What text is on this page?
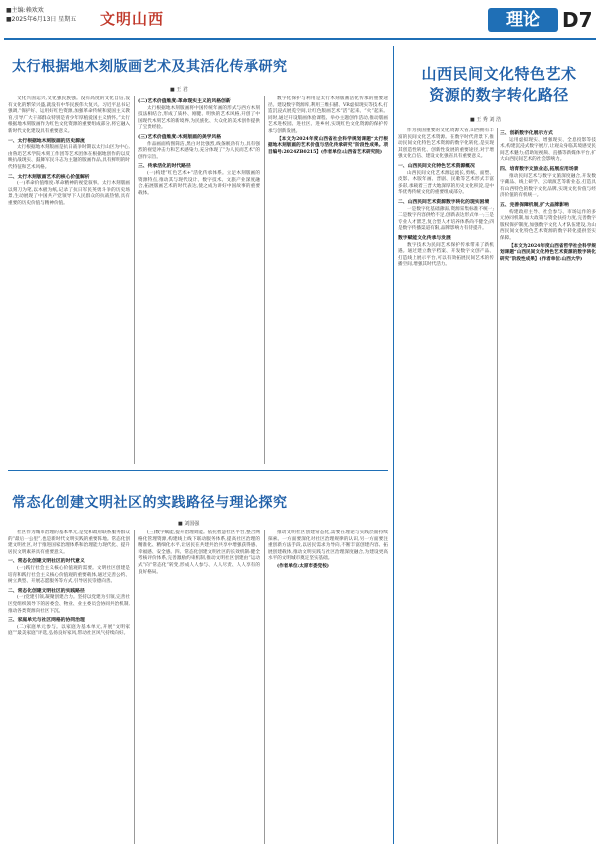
■主编:赖欢欢
■2025年6月13日 星期五 文明山西	理论	D7
太行根据地木刻版画艺术及其活化传承研究
■ 王 君

文化兴国运兴,文化强民族强。没有高度的文化自信,没有文化的繁荣兴盛,就没有中华民族伟大复兴。习近平总书记强调,“保护好、运用好红色资源,加强革命传统和爱国主义教育,引导广大干部群众特别是青少年厚植爱国主义情怀。”太行根据地木刻版画作为红色文化资源的重要组成部分,将它融入新时代文化建设具有重要意义。

一、太行根据地木刻版画的历史源流

太行根据地木刻版画是抗日战争时期以太行山区为中心,由鲁迅艺术学院木刻工作团等艺术团体在根据地创作的以反映抗战现实、鼓舞军民斗志为主题的版画作品,具有鲜明的时代特征和艺术风格。

二、太行木刻版画艺术的核心价值解析

(一)革命价值维度:革命精神的视觉叙事。太行木刻版画以刻刀为笔,以木板为纸,记录了抗日军民英勇斗争的历史场景,生动展现了中国共产党领导下人民群众的抗战热情,具有重要的历史价值与精神价值。

(二)艺术价值维度:革命现实主义的风格创新

太行根据地木刻版画将中国传统年画的形式与西方木刻技法相结合,形成了质朴、刚健、明快的艺术风格,开创了中国现代木刻艺术的新境界,为民族化、大众化的美术创作提供了宝贵经验。

(三)艺术价值维度:木刻版画的美学风格

作品画面构图简洁,黑白对比强烈,线条刚劲有力,具有强烈的视觉冲击力和艺术感染力,充分体现了“为人民而艺术”的创作宗旨。

三、传承活化的时代路径

(一)构建“红色艺术+”活化传承体系。立足木刻版画的资源特点,推动其与现代设计、数字技术、文旅产业深度融合,拓展版画艺术的时代表达,使之成为讲好中国故事的重要载体。

数字化保护与利用是太行木刻版画活化传承的重要途径。建设数字资源库,利用三维扫描、VR虚拟现实等技术,打造沉浸式展览空间,让红色版画艺术“活”起来、“火”起来。同时,通过开设版画体验课程、举办主题创作活动,推动版画艺术进校园、进社区、进乡村,实现红色文化资源的保护传承与创新发展。

【本文为2024年度山西省社会科学规划课题“太行根据地木刻版画的艺术价值与活化传承研究”阶段性成果。项目编号:2024ZB0215】(作者单位:山西省艺术研究院)

常态化创建文明社区的实践路径与理论探究
■ 刘国强

社区作为城市治理的基本单元,是党和政府联系服务群众的“最后一公里”,也是新时代文明实践的重要阵地。常态化创建文明社区,对于推进国家治理体系和治理能力现代化、提升居民文明素养具有重要意义。

一、常态化创建文明社区的时代意义

(一)践行社会主义核心价值观的需要。文明社区创建是培育和践行社会主义核心价值观的重要载体,通过完善公约、树立典型、开展志愿服务等方式,引导居民崇德向善。

二、常态化创建文明社区的实践路径

(一)党建引领,凝聚创建合力。坚持以党建为引领,完善社区党组织领导下的居委会、物业、业主委员会协同共治机制,推动各类资源向社区下沉。

三、家庭单元与社区网格的协同治理

(二)家庭单元参与。以家庭为基本单元,开展“文明家庭”“最美家庭”评选,弘扬良好家风,带动社区风气持续向好。

(三)数字赋能,提升治理效能。依托智慧社区平台,整合网格化管理资源,构建线上线下联动服务体系,提高社区治理的精准化、精细化水平,让居民在共建共治共享中增强获得感、幸福感、安全感。四、常态化创建文明社区的长效机制:健全考核评价体系,完善激励约束机制,推动文明社区创建由“运动式”向“常态化”转变,形成人人参与、人人尽责、人人享有的良好格局。

推动文明社区创建常态化,需要在理论与实践层面持续探索。一方面要深化对社区治理规律的认识,另一方面要注重创新方法手段,以居民需求为导向,不断丰富创建内容、拓展创建载体,推动文明实践与社区治理深度融合,为建设更高水平的文明城市奠定坚实基础。

(作者单位:太原市委党校)

山西民间文化特色艺术
资源的数字转化路径
■ 王 秀 刘 浩

作为我国重要的文化资源大省,山西拥有丰富的民间文化艺术资源。在数字时代背景下,推动民间文化特色艺术资源的数字化转化,是实现其创造性转化、创新性发展的重要途径,对于增强文化自信、建设文化强省具有重要意义。

一、山西民间文化特色艺术资源概况

山西民间文化艺术源远流长,剪纸、面塑、皮影、木版年画、晋剧、民歌等艺术形式丰富多彩,承载着三晋大地深厚的历史文化积淀,是中华优秀传统文化的重要组成部分。

二、山西民间艺术资源数字转化的现实困境

一是数字化基础薄弱,资源采集标准不统一;二是数字内容供给不足,创新表达形式单一;三是专业人才匮乏,复合型人才培养体系尚不健全;四是数字传播渠道有限,品牌影响力有待提升。

数字赋能文化传承与发展

数字技术为民间艺术保护传承带来了新机遇。通过建立数字档案、开发数字文创产品、打造线上展示平台,可以有效拓展民间艺术的传播空间,增强其时代活力。

三、创新数字化展示方式

运用虚拟现实、增强现实、全息投影等技术,构建沉浸式数字展厅,让观众身临其境感受民间艺术魅力;借助短视频、直播等新媒体平台,扩大山西民间艺术的社会影响力。

四、培育数字文旅业态,拓展应用场景

推动民间艺术与数字文旅深度融合,开发数字藏品、线上研学、云端演艺等新业态,打造具有山西特色的数字文化品牌,实现文化价值与经济价值的有机统一。

五、完善保障机制,扩大品牌影响

构建政府主导、社会参与、市场运作的多元协同机制,加大政策与资金扶持力度,完善数字版权保护制度,加强数字文化人才队伍建设,为山西民间文化特色艺术资源的数字转化提供坚实保障。

【本文为2024年度山西省哲学社会科学规划课题“山西民间文化特色艺术资源的数字转化研究”阶段性成果】(作者单位:山西大学)
